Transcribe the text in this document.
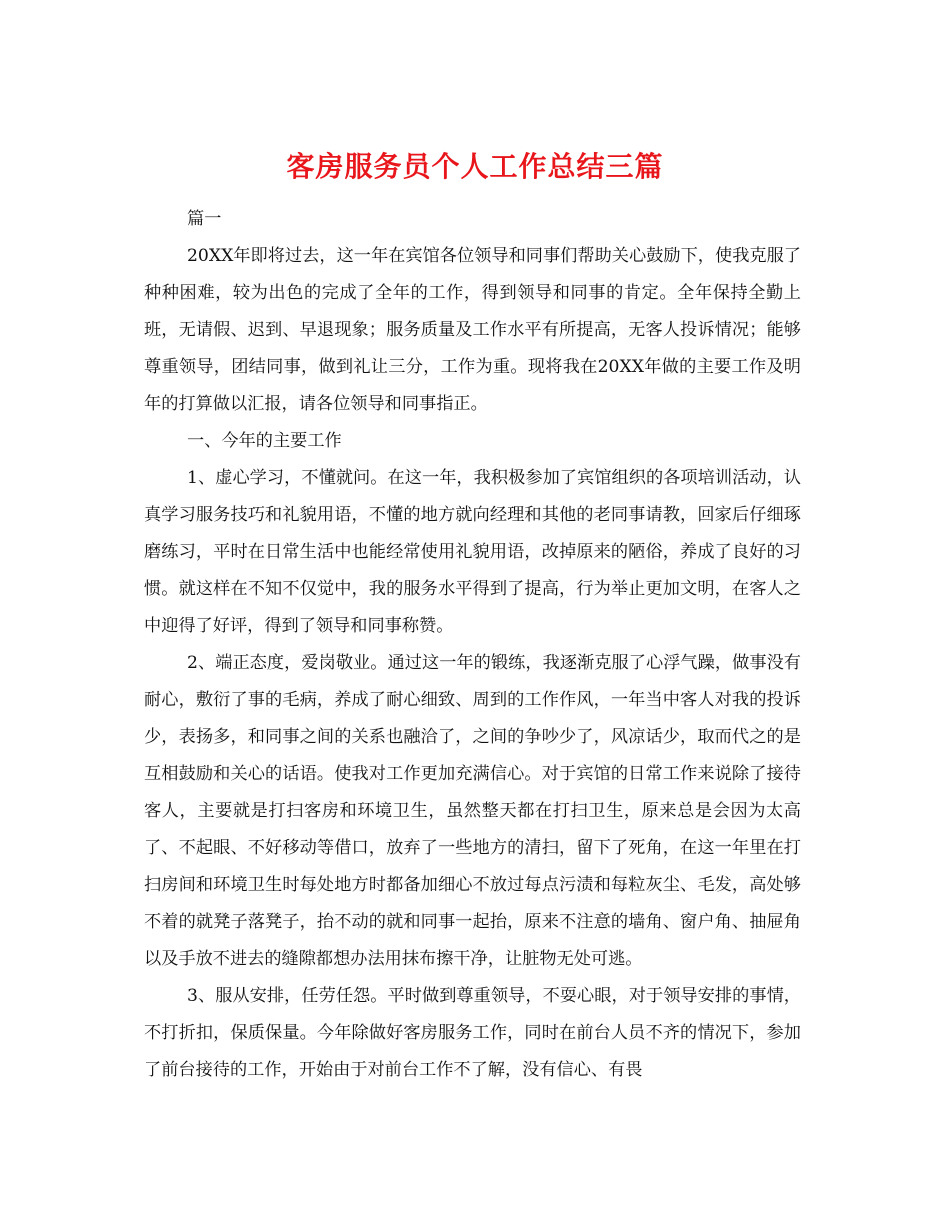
客房服务员个人工作总结三篇

篇一

20XX年即将过去，这一年在宾馆各位领导和同事们帮助关心鼓励下，使我克服了种种困难，较为出色的完成了全年的工作，得到领导和同事的肯定。全年保持全勤上班，无请假、迟到、早退现象；服务质量及工作水平有所提高，无客人投诉情况；能够尊重领导，团结同事，做到礼让三分，工作为重。现将我在20XX年做的主要工作及明年的打算做以汇报，请各位领导和同事指正。

一、今年的主要工作

1、虚心学习，不懂就问。在这一年，我积极参加了宾馆组织的各项培训活动，认真学习服务技巧和礼貌用语，不懂的地方就向经理和其他的老同事请教，回家后仔细琢磨练习，平时在日常生活中也能经常使用礼貌用语，改掉原来的陋俗，养成了良好的习惯。就这样在不知不仅觉中，我的服务水平得到了提高，行为举止更加文明，在客人之中迎得了好评，得到了领导和同事称赞。

2、端正态度，爱岗敬业。通过这一年的锻练，我逐渐克服了心浮气躁，做事没有耐心，敷衍了事的毛病，养成了耐心细致、周到的工作作风，一年当中客人对我的投诉少，表扬多，和同事之间的关系也融洽了，之间的争吵少了，风凉话少，取而代之的是互相鼓励和关心的话语。使我对工作更加充满信心。对于宾馆的日常工作来说除了接待客人，主要就是打扫客房和环境卫生，虽然整天都在打扫卫生，原来总是会因为太高了、不起眼、不好移动等借口，放弃了一些地方的清扫，留下了死角，在这一年里在打扫房间和环境卫生时每处地方时都备加细心不放过每点污渍和每粒灰尘、毛发，高处够不着的就凳子落凳子，抬不动的就和同事一起抬，原来不注意的墙角、窗户角、抽屉角以及手放不进去的缝隙都想办法用抹布擦干净，让脏物无处可逃。

3、服从安排，任劳任怨。平时做到尊重领导，不耍心眼，对于领导安排的事情，不打折扣，保质保量。今年除做好客房服务工作，同时在前台人员不齐的情况下，参加了前台接待的工作，开始由于对前台工作不了解，没有信心、有畏
